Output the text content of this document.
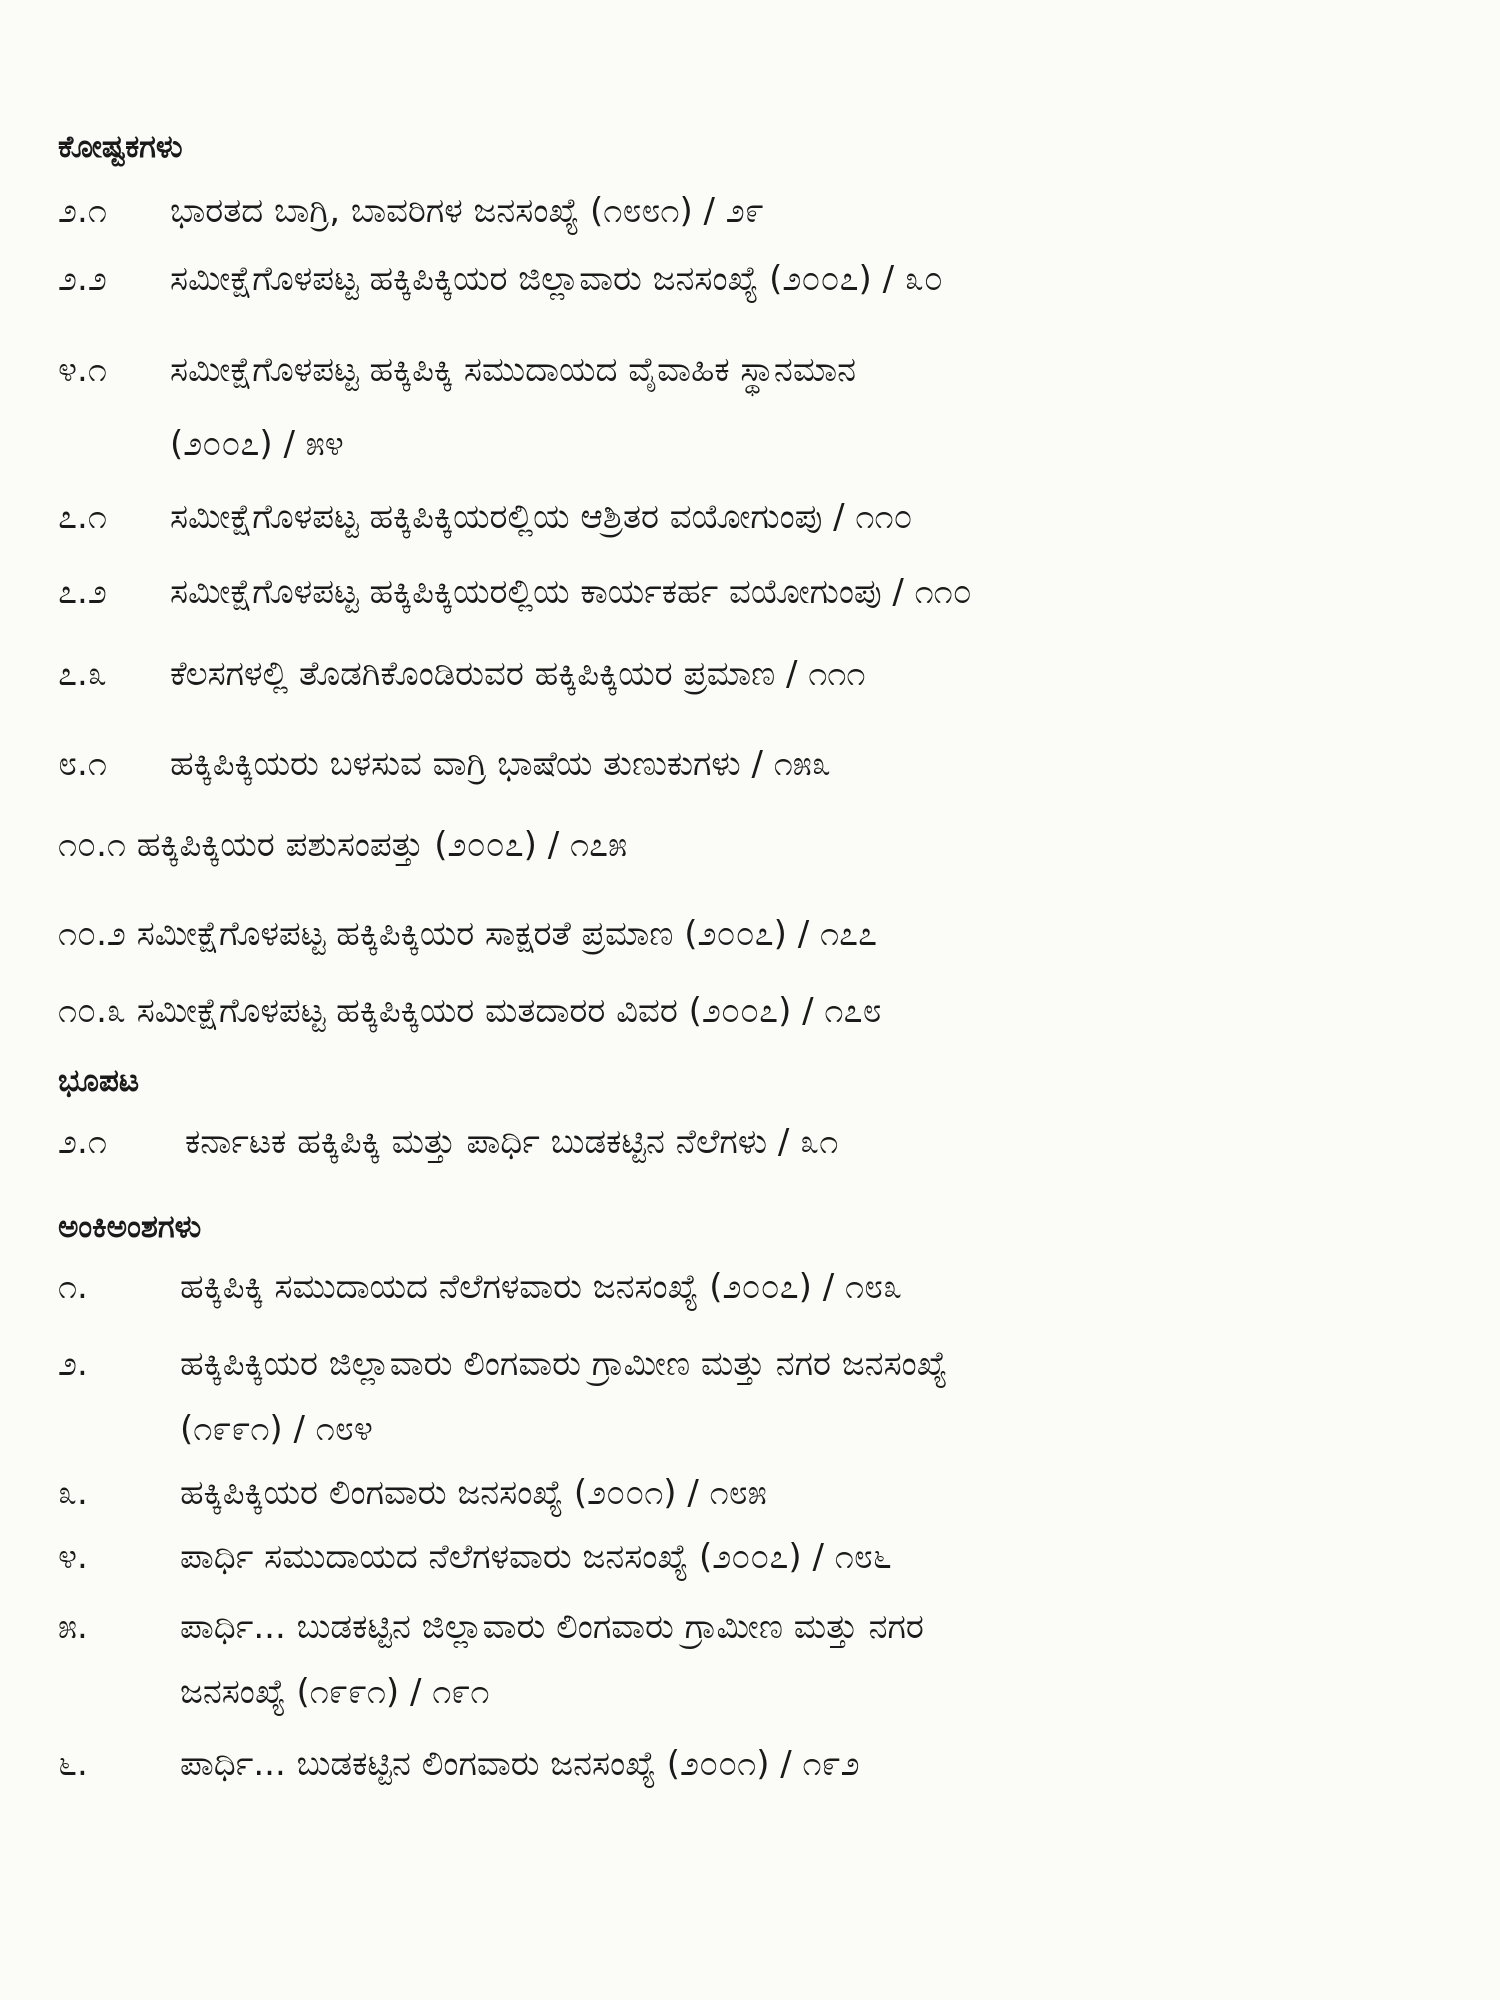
ಕೋಷ್ಟಕಗಳು
೨.೧ ಭಾರತದ ಬಾಗ್ರಿ, ಬಾವರಿಗಳ ಜನಸಂಖ್ಯೆ (೧೮೮೧) / ೨೯
೨.೨ ಸಮೀಕ್ಷೆಗೊಳಪಟ್ಟ ಹಕ್ಕಿಪಿಕ್ಕಿಯರ ಜಿಲ್ಲಾವಾರು ಜನಸಂಖ್ಯೆ (೨೦೦೭) / ೩೦
೪.೧ ಸಮೀಕ್ಷೆಗೊಳಪಟ್ಟ ಹಕ್ಕಿಪಿಕ್ಕಿ ಸಮುದಾಯದ ವೈವಾಹಿಕ ಸ್ಥಾನಮಾನ
(೨೦೦೭) / ೫೪
೭.೧ ಸಮೀಕ್ಷೆಗೊಳಪಟ್ಟ ಹಕ್ಕಿಪಿಕ್ಕಿಯರಲ್ಲಿಯ ಆಶ್ರಿತರ ವಯೋಗುಂಪು / ೧೧೦
೭.೨ ಸಮೀಕ್ಷೆಗೊಳಪಟ್ಟ ಹಕ್ಕಿಪಿಕ್ಕಿಯರಲ್ಲಿಯ ಕಾರ್ಯಕರ್ಹ ವಯೋಗುಂಪು / ೧೧೦
೭.೩ ಕೆಲಸಗಳಲ್ಲಿ ತೊಡಗಿಕೊಂಡಿರುವರ ಹಕ್ಕಿಪಿಕ್ಕಿಯರ ಪ್ರಮಾಣ / ೧೧೧
೮.೧ ಹಕ್ಕಿಪಿಕ್ಕಿಯರು ಬಳಸುವ ವಾಗ್ರಿ ಭಾಷೆಯ ತುಣುಕುಗಳು / ೧೫೩
೧೦.೧ ಹಕ್ಕಿಪಿಕ್ಕಿಯರ ಪಶುಸಂಪತ್ತು (೨೦೦೭) / ೧೭೫
೧೦.೨ ಸಮೀಕ್ಷೆಗೊಳಪಟ್ಟ ಹಕ್ಕಿಪಿಕ್ಕಿಯರ ಸಾಕ್ಷರತೆ ಪ್ರಮಾಣ (೨೦೦೭) / ೧೭೭
೧೦.೩ ಸಮೀಕ್ಷೆಗೊಳಪಟ್ಟ ಹಕ್ಕಿಪಿಕ್ಕಿಯರ ಮತದಾರರ ವಿವರ (೨೦೦೭) / ೧೭೮
ಭೂಪಟ
೨.೧ ಕರ್ನಾಟಕ ಹಕ್ಕಿಪಿಕ್ಕಿ ಮತ್ತು ಪಾರ್ಧಿ ಬುಡಕಟ್ಟಿನ ನೆಲೆಗಳು / ೩೧
ಅಂಕಿಅಂಶಗಳು
೧.	ಹಕ್ಕಿಪಿಕ್ಕಿ ಸಮುದಾಯದ ನೆಲೆಗಳವಾರು ಜನಸಂಖ್ಯೆ (೨೦೦೭) / ೧೮೩
೨.	ಹಕ್ಕಿಪಿಕ್ಕಿಯರ ಜಿಲ್ಲಾವಾರು ಲಿಂಗವಾರು ಗ್ರಾಮೀಣ ಮತ್ತು ನಗರ ಜನಸಂಖ್ಯೆ
(೧೯೯೧) / ೧೮೪
೩.	ಹಕ್ಕಿಪಿಕ್ಕಿಯರ ಲಿಂಗವಾರು ಜನಸಂಖ್ಯೆ (೨೦೦೧) / ೧೮೫
೪.	ಪಾರ್ಧಿ ಸಮುದಾಯದ ನೆಲೆಗಳವಾರು ಜನಸಂಖ್ಯೆ (೨೦೦೭) / ೧೮೬
೫.	ಪಾರ್ಧಿ... ಬುಡಕಟ್ಟಿನ ಜಿಲ್ಲಾವಾರು ಲಿಂಗವಾರು ಗ್ರಾಮೀಣ ಮತ್ತು ನಗರ
ಜನಸಂಖ್ಯೆ (೧೯೯೧) / ೧೯೧
೬.	ಪಾರ್ಧಿ... ಬುಡಕಟ್ಟಿನ ಲಿಂಗವಾರು ಜನಸಂಖ್ಯೆ (೨೦೦೧) / ೧೯೨
